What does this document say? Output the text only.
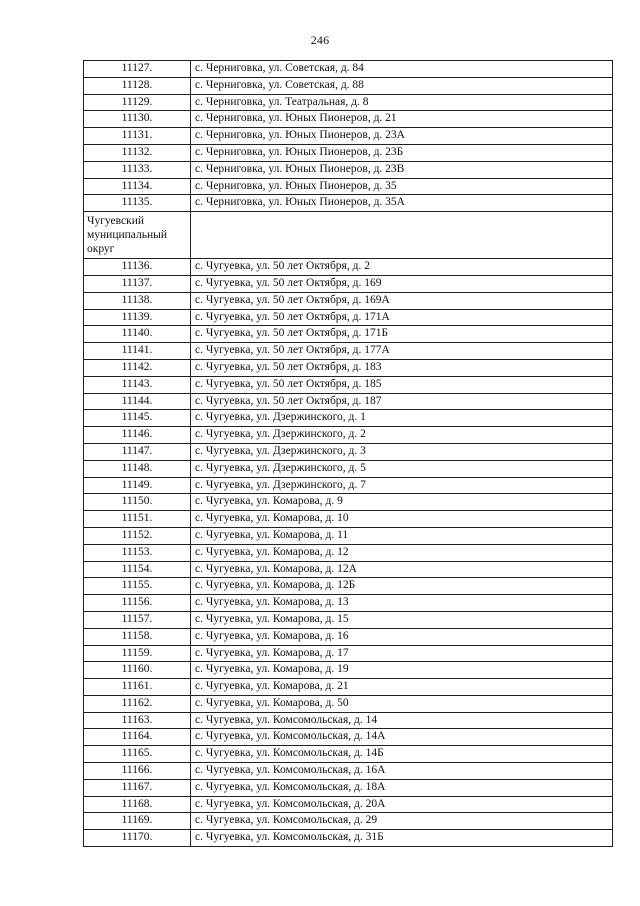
246
11127.	с. Черниговка, ул. Советская, д. 84
11128.	с. Черниговка, ул. Советская, д. 88
11129.	с. Черниговка, ул. Театральная, д. 8
11130.	с. Черниговка, ул. Юных Пионеров, д. 21
11131.	с. Черниговка, ул. Юных Пионеров, д. 23А
11132.	с. Черниговка, ул. Юных Пионеров, д. 23Б
11133.	с. Черниговка, ул. Юных Пионеров, д. 23В
11134.	с. Черниговка, ул. Юных Пионеров, д. 35
11135.	с. Черниговка, ул. Юных Пионеров, д. 35А

Чугуевский
муниципальный
округ	

11136.	с. Чугуевка, ул. 50 лет Октября, д. 2
11137.	с. Чугуевка, ул. 50 лет Октября, д. 169
11138.	с. Чугуевка, ул. 50 лет Октября, д. 169А
11139.	с. Чугуевка, ул. 50 лет Октября, д. 171А
11140.	с. Чугуевка, ул. 50 лет Октября, д. 171Б
11141.	с. Чугуевка, ул. 50 лет Октября, д. 177А
11142.	с. Чугуевка, ул. 50 лет Октября, д. 183
11143.	с. Чугуевка, ул. 50 лет Октября, д. 185
11144.	с. Чугуевка, ул. 50 лет Октября, д. 187
11145.	с. Чугуевка, ул. Дзержинского, д. 1
11146.	с. Чугуевка, ул. Дзержинского, д. 2
11147.	с. Чугуевка, ул. Дзержинского, д. 3
11148.	с. Чугуевка, ул. Дзержинского, д. 5
11149.	с. Чугуевка, ул. Дзержинского, д. 7
11150.	с. Чугуевка, ул. Комарова, д. 9
11151.	с. Чугуевка, ул. Комарова, д. 10
11152.	с. Чугуевка, ул. Комарова, д. 11
11153.	с. Чугуевка, ул. Комарова, д. 12
11154.	с. Чугуевка, ул. Комарова, д. 12А
11155.	с. Чугуевка, ул. Комарова, д. 12Б
11156.	с. Чугуевка, ул. Комарова, д. 13
11157.	с. Чугуевка, ул. Комарова, д. 15
11158.	с. Чугуевка, ул. Комарова, д. 16
11159.	с. Чугуевка, ул. Комарова, д. 17
11160.	с. Чугуевка, ул. Комарова, д. 19
11161.	с. Чугуевка, ул. Комарова, д. 21
11162.	с. Чугуевка, ул. Комарова, д. 50
11163.	с. Чугуевка, ул. Комсомольская, д. 14
11164.	с. Чугуевка, ул. Комсомольская, д. 14А
11165.	с. Чугуевка, ул. Комсомольская, д. 14Б
11166.	с. Чугуевка, ул. Комсомольская, д. 16А
11167.	с. Чугуевка, ул. Комсомольская, д. 18А
11168.	с. Чугуевка, ул. Комсомольская, д. 20А
11169.	с. Чугуевка, ул. Комсомольская, д. 29
11170.	с. Чугуевка, ул. Комсомольская, д. 31Б
